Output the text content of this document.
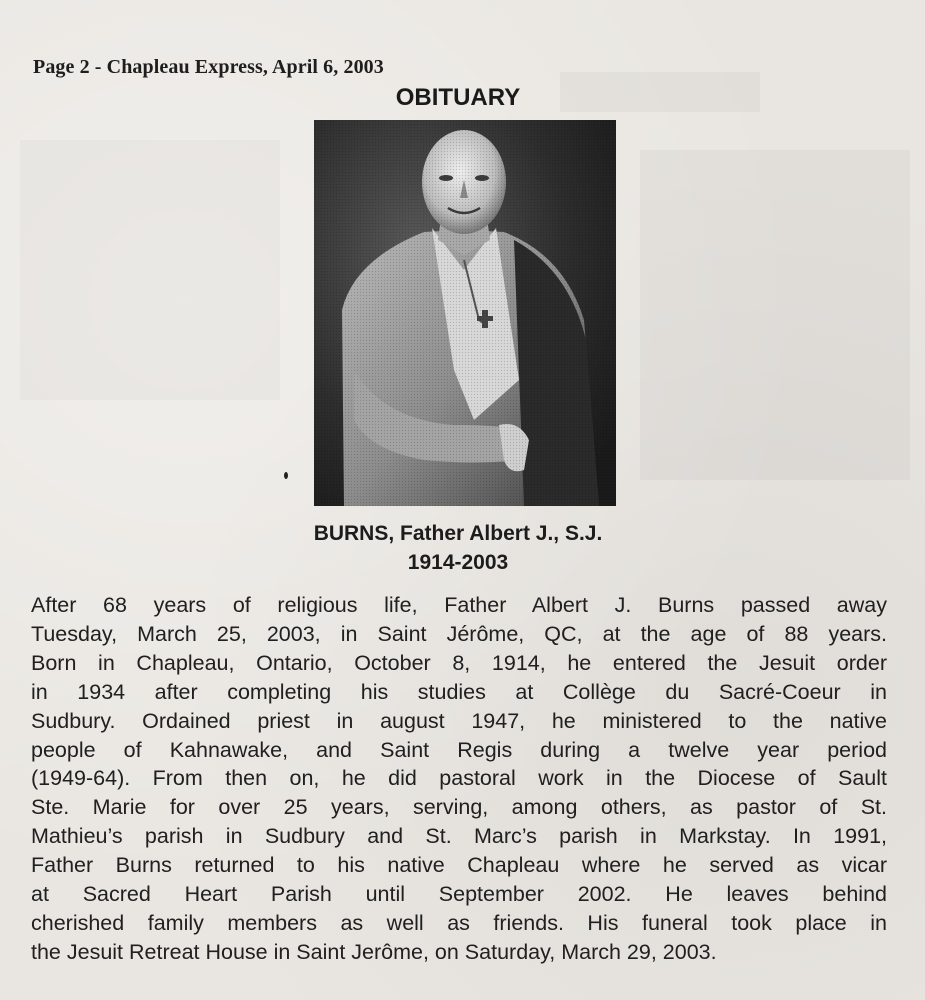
Page 2 - Chapleau Express, April 6, 2003
OBITUARY
BURNS, Father Albert J., S.J.
1914-2003
After 68 years of religious life, Father Albert J. Burns passed away
Tuesday, March 25, 2003, in Saint Jérôme, QC, at the age of 88 years.
Born in Chapleau, Ontario, October 8, 1914, he entered the Jesuit order
in 1934 after completing his studies at Collège du Sacré-Coeur in
Sudbury. Ordained priest in august 1947, he ministered to the native
people of Kahnawake, and Saint Regis during a twelve year period
(1949-64). From then on, he did pastoral work in the Diocese of Sault
Ste. Marie for over 25 years, serving, among others, as pastor of St.
Mathieu’s parish in Sudbury and St. Marc’s parish in Markstay. In 1991,
Father Burns returned to his native Chapleau where he served as vicar
at Sacred Heart Parish until September 2002. He leaves behind
cherished family members as well as friends. His funeral took place in
the Jesuit Retreat House in Saint Jerôme, on Saturday, March 29, 2003.
